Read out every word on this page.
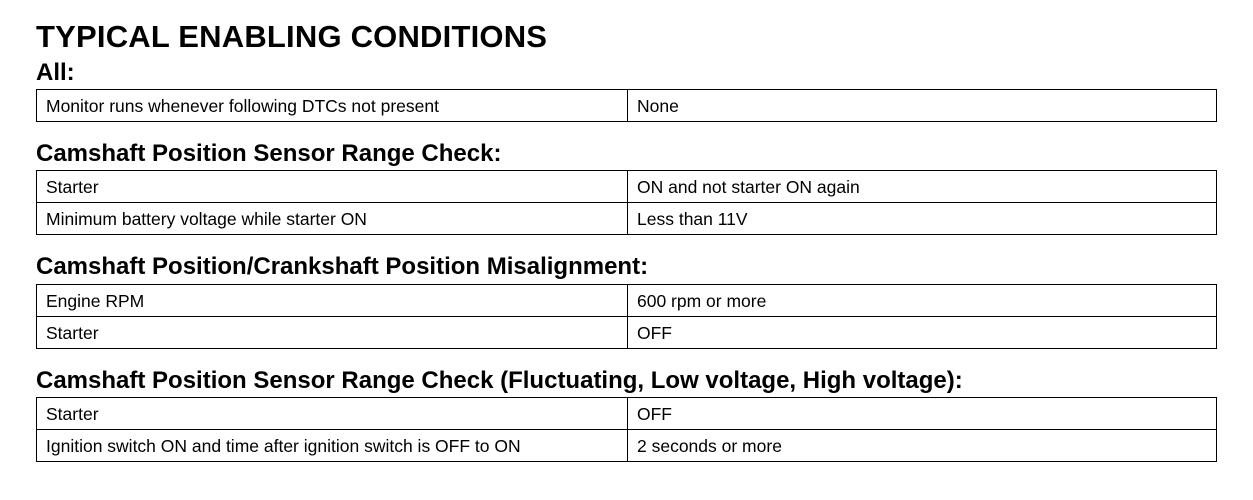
TYPICAL ENABLING CONDITIONS
All:
Monitor runs whenever following DTCs not present	None
Camshaft Position Sensor Range Check:
Starter	ON and not starter ON again
Minimum battery voltage while starter ON	Less than 11V
Camshaft Position/Crankshaft Position Misalignment:
Engine RPM	600 rpm or more
Starter	OFF
Camshaft Position Sensor Range Check (Fluctuating, Low voltage, High voltage):
Starter	OFF
Ignition switch ON and time after ignition switch is OFF to ON	2 seconds or more
